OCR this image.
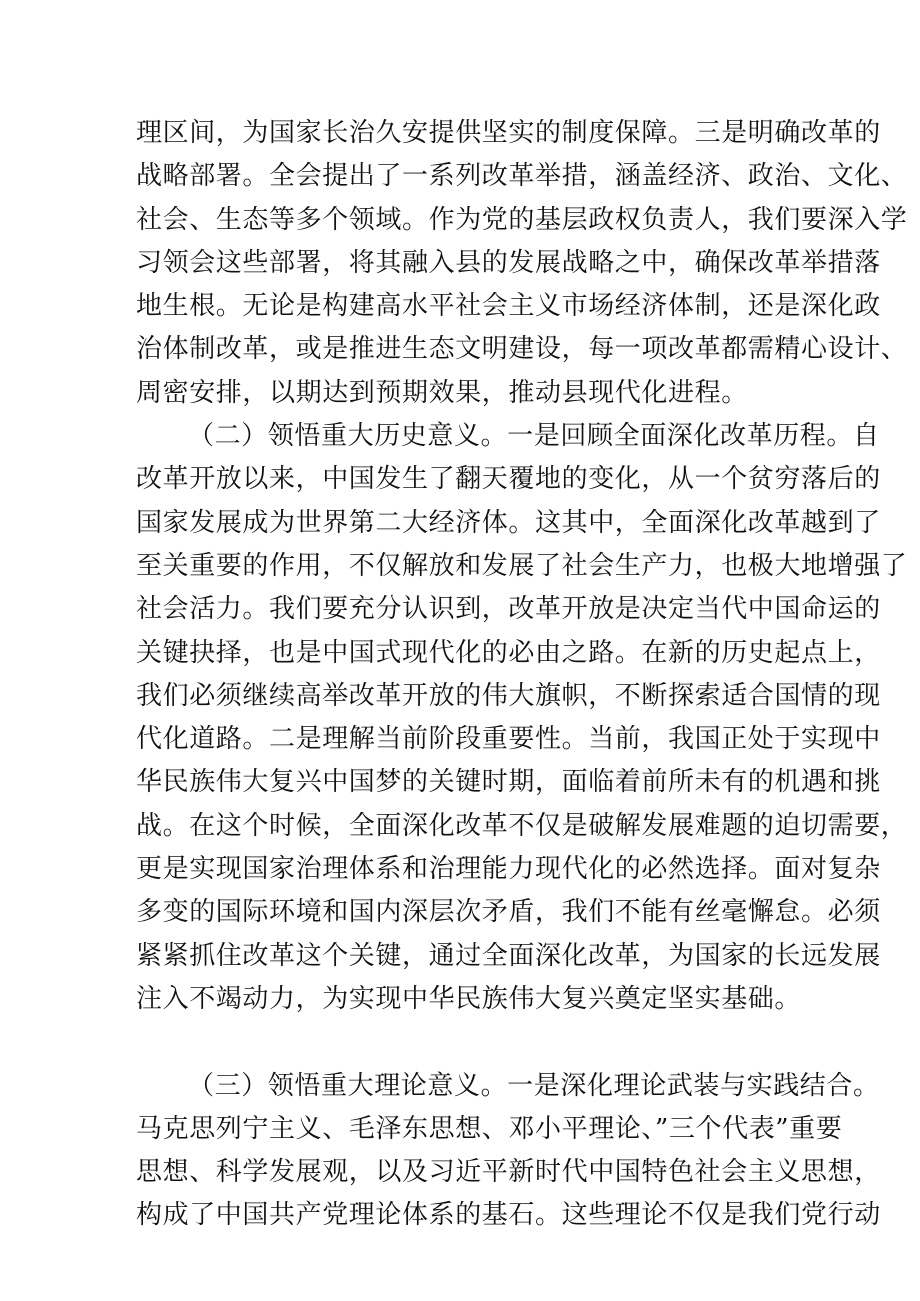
理区间，为国家长治久安提供坚实的制度保障。三是明确改革的
战略部署。全会提出了一系列改革举措，涵盖经济、政治、文化、
社会、生态等多个领域。作为党的基层政权负责人，我们要深入学
习领会这些部署，将其融入县的发展战略之中，确保改革举措落
地生根。无论是构建高水平社会主义市场经济体制，还是深化政
治体制改革，或是推进生态文明建设，每一项改革都需精心设计、
周密安排，以期达到预期效果，推动县现代化进程。
（二）领悟重大历史意义。一是回顾全面深化改革历程。自
改革开放以来，中国发生了翻天覆地的变化，从一个贫穷落后的
国家发展成为世界第二大经济体。这其中，全面深化改革越到了
至关重要的作用，不仅解放和发展了社会生产力，也极大地增强了
社会活力。我们要充分认识到，改革开放是决定当代中国命运的
关键抉择，也是中国式现代化的必由之路。在新的历史起点上，
我们必须继续高举改革开放的伟大旗帜，不断探索适合国情的现
代化道路。二是理解当前阶段重要性。当前，我国正处于实现中
华民族伟大复兴中国梦的关键时期，面临着前所未有的机遇和挑
战。在这个时候，全面深化改革不仅是破解发展难题的迫切需要，
更是实现国家治理体系和治理能力现代化的必然选择。面对复杂
多变的国际环境和国内深层次矛盾，我们不能有丝毫懈怠。必须
紧紧抓住改革这个关键，通过全面深化改革，为国家的长远发展
注入不竭动力，为实现中华民族伟大复兴奠定坚实基础。
（三）领悟重大理论意义。一是深化理论武装与实践结合。
马克思列宁主义、毛泽东思想、邓小平理论、”三个代表”重要
思想、科学发展观，以及习近平新时代中国特色社会主义思想，
构成了中国共产党理论体系的基石。这些理论不仅是我们党行动
